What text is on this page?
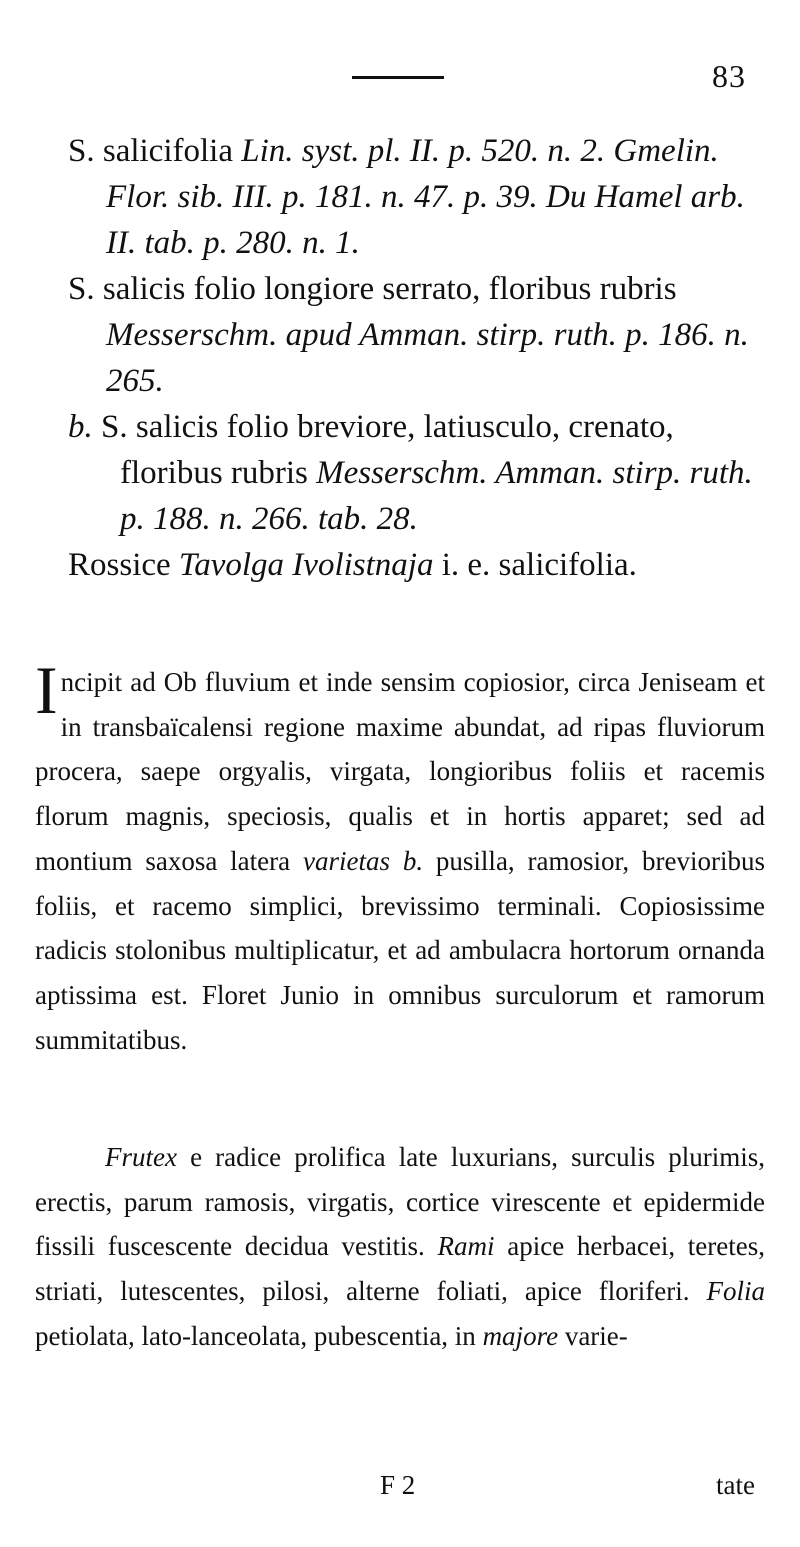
83

S. salicifolia Lin. syst. pl. II. p. 520. n. 2. Gmelin. Flor. sib. III. p. 181. n. 47. p. 39. Du Hamel arb. II. tab. p. 280. n. 1.

S. salicis folio longiore serrato, floribus rubris Messerschm. apud Amman. stirp. ruth. p. 186. n. 265.

b. S. salicis folio breviore, latiusculo, crenato, floribus rubris Messerschm. Amman. stirp. ruth. p. 188. n. 266. tab. 28.

Rossice Tavolga Ivolistnaja i. e. salicifolia.

Incipit ad Ob fluvium et inde sensim copiosior, circa Jeniseam et in transbaïcalensi regione maxime abundat, ad ripas fluviorum procera, saepe orgyalis, virgata, longioribus foliis et racemis florum magnis, speciosis, qualis et in hortis apparet; sed ad montium saxosa latera varietas b. pusilla, ramosior, brevioribus foliis, et racemo simplici, brevissimo terminali. Copiosissime radicis stolonibus multiplicatur, et ad ambulacra hortorum ornanda aptissima est. Floret Junio in omnibus surculorum et ramorum summitatibus.

Frutex e radice prolifica late luxurians, surculis plurimis, erectis, parum ramosis, virgatis, cortice virescente et epidermide fissili fuscescente decidua vestitis. Rami apice herbacei, teretes, striati, lutescentes, pilosi, alterne foliati, apice floriferi. Folia petiolata, lato-lanceolata, pubescentia, in majore varie-

F 2	tate
